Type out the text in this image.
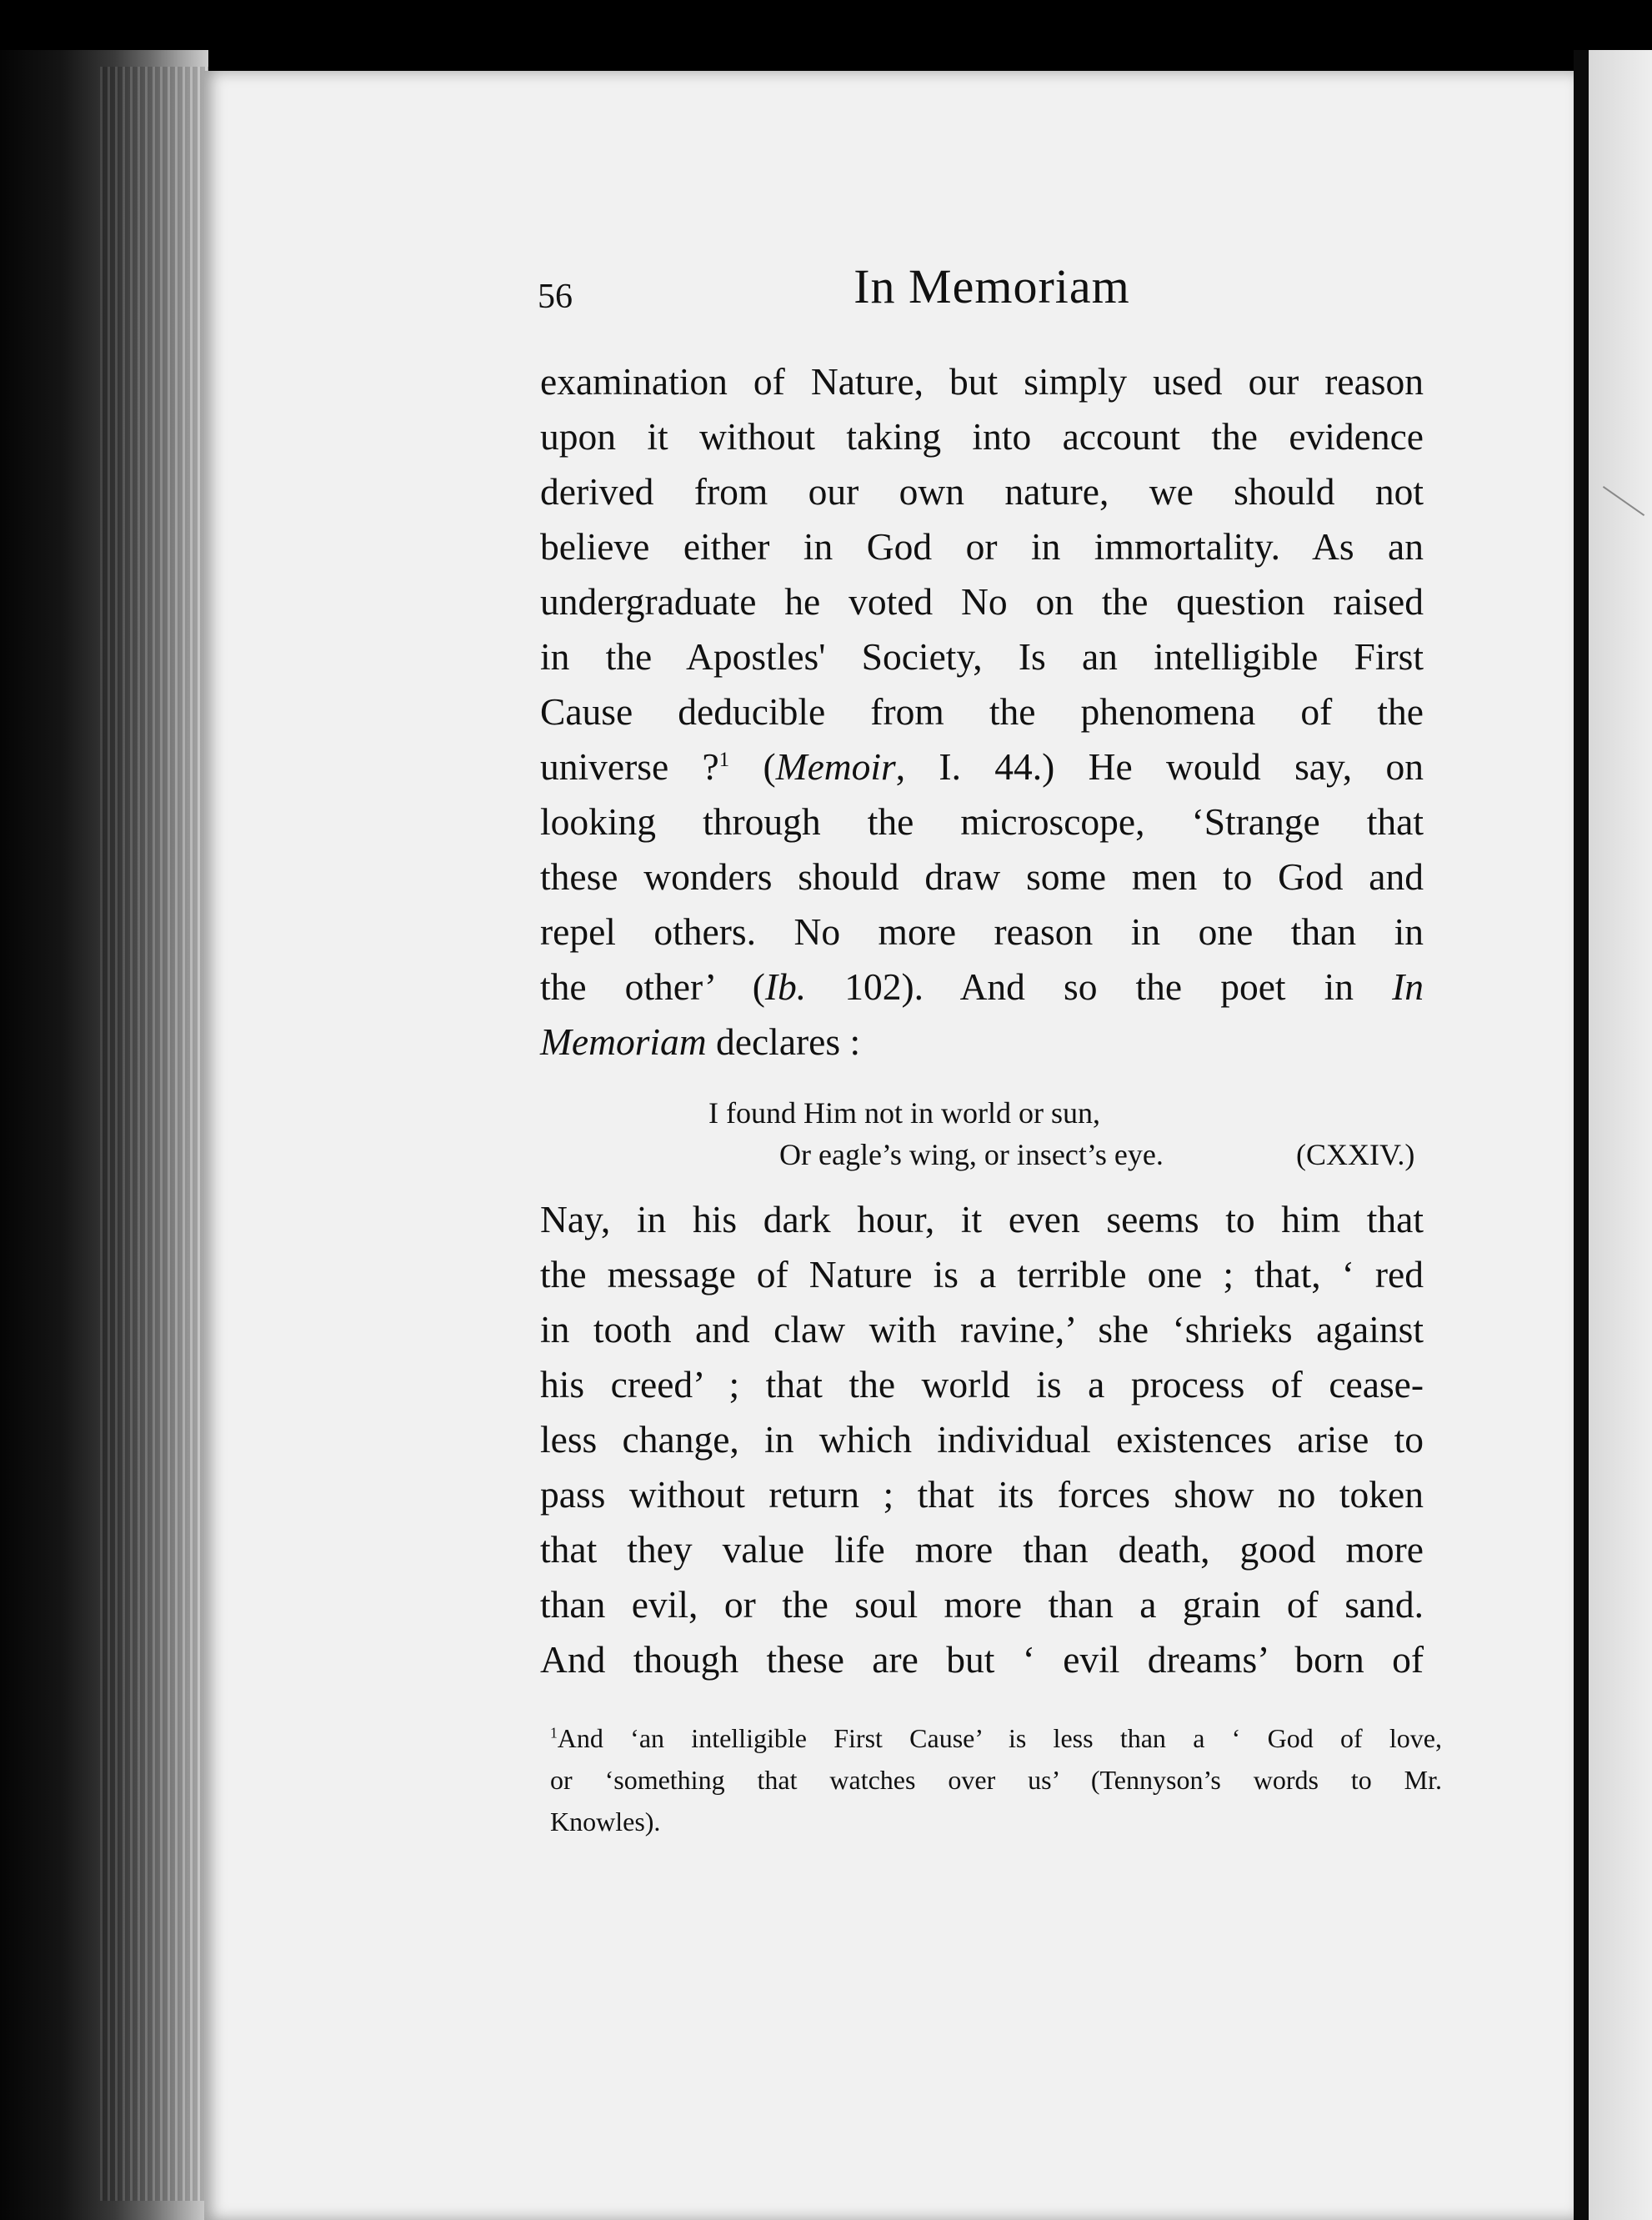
56	In Memoriam
examination of Nature, but simply used our reason
upon it without taking into account the evidence
derived from our own nature, we should not
believe either in God or in immortality. As an
undergraduate he voted No on the question raised
in the Apostles' Society, Is an intelligible First
Cause deducible from the phenomena of the
universe ?$^1$ (Memoir, I. 44.) He would say, on
looking through the microscope, ‘Strange that
these wonders should draw some men to God and
repel others. No more reason in one than in
the other’ (Ib. 102). And so the poet in In
Memoriam declares :
I found Him not in world or sun,
Or eagle’s wing, or insect’s eye.	(CXXIV.)
Nay, in his dark hour, it even seems to him that
the message of Nature is a terrible one ; that, ‘ red
in tooth and claw with ravine,’ she ‘shrieks against
his creed’ ; that the world is a process of cease-
less change, in which individual existences arise to
pass without return ; that its forces show no token
that they value life more than death, good more
than evil, or the soul more than a grain of sand.
And though these are but ‘ evil dreams’ born of
$^1$And ‘an intelligible First Cause’ is less than a ‘ God of love,
or ‘something that watches over us’ (Tennyson’s words to Mr.
Knowles).
